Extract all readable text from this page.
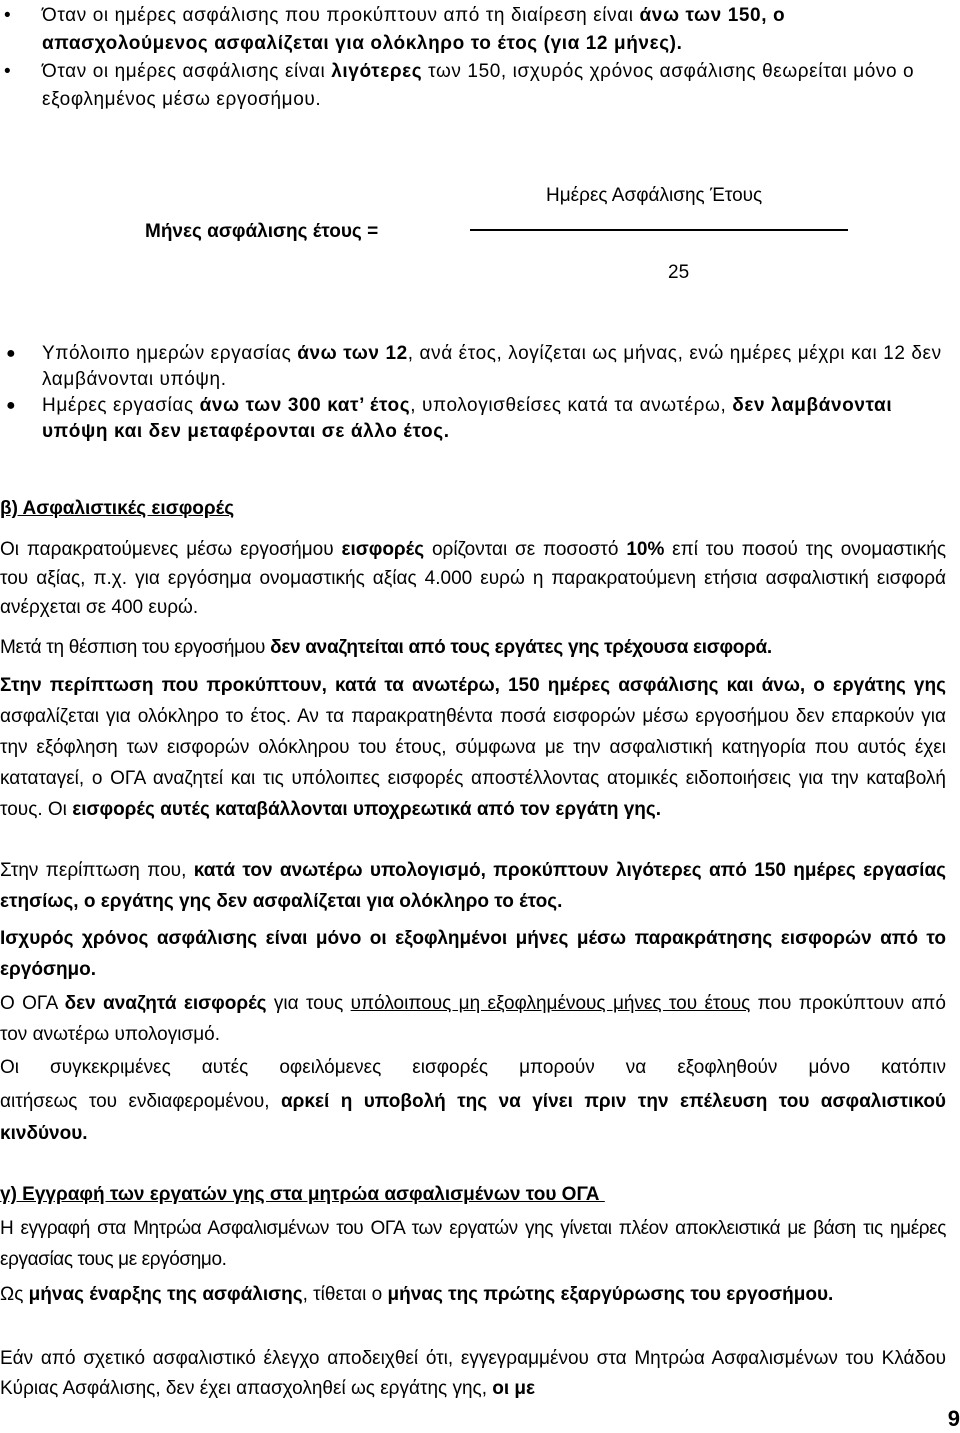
• Όταν οι ημέρες ασφάλισης που προκύπτουν από τη διαίρεση είναι άνω των 150, ο απασχολούμενος ασφαλίζεται για ολόκληρο το έτος (για 12 μήνες).
• Όταν οι ημέρες ασφάλισης είναι λιγότερες των 150, ισχυρός χρόνος ασφάλισης θεωρείται μόνο ο εξοφλημένος μέσω εργοσήμου.
Μήνες ασφάλισης έτους =
Ημέρες Ασφάλισης Έτους
25
● Υπόλοιπο ημερών εργασίας άνω των 12, ανά έτος, λογίζεται ως μήνας, ενώ ημέρες μέχρι και 12 δεν λαμβάνονται υπόψη.
● Ημέρες εργασίας άνω των 300 κατ’ έτος, υπολογισθείσες κατά τα ανωτέρω, δεν λαμβάνονται υπόψη και δεν μεταφέρονται σε άλλο έτος.
β) Ασφαλιστικές εισφορές

Οι παρακρατούμενες μέσω εργοσήμου εισφορές ορίζονται σε ποσοστό 10% επί του ποσού της ονομαστικής του αξίας, π.χ. για εργόσημα ονομαστικής αξίας 4.000 ευρώ η παρακρατούμενη ετήσια ασφαλιστική εισφορά ανέρχεται σε 400 ευρώ.

Μετά τη θέσπιση του εργοσήμου δεν αναζητείται από τους εργάτες γης τρέχουσα εισφορά.

Στην περίπτωση που προκύπτουν, κατά τα ανωτέρω, 150 ημέρες ασφάλισης και άνω, ο εργάτης γης ασφαλίζεται για ολόκληρο το έτος. Αν τα παρακρατηθέντα ποσά εισφορών μέσω εργοσήμου δεν επαρκούν για την εξόφληση των εισφορών ολόκληρου του έτους, σύμφωνα με την ασφαλιστική κατηγορία που αυτός έχει καταταγεί, ο ΟΓΑ αναζητεί και τις υπόλοιπες εισφορές αποστέλλοντας ατομικές ειδοποιήσεις για την καταβολή τους. Οι εισφορές αυτές καταβάλλονται υποχρεωτικά από τον εργάτη γης.

Στην περίπτωση που, κατά τον ανωτέρω υπολογισμό, προκύπτουν λιγότερες από 150 ημέρες εργασίας ετησίως, ο εργάτης γης δεν ασφαλίζεται για ολόκληρο το έτος.

Ισχυρός χρόνος ασφάλισης είναι μόνο οι εξοφλημένοι μήνες μέσω παρακράτησης εισφορών από το εργόσημο.

Ο ΟΓΑ δεν αναζητά εισφορές για τους υπόλοιπους μη εξοφλημένους μήνες του έτους που προκύπτουν από τον ανωτέρω υπολογισμό.

Οι συγκεκριμένες αυτές οφειλόμενες εισφορές μπορούν να εξοφληθούν μόνο κατόπιν

αιτήσεως του ενδιαφερομένου, αρκεί η υποβολή της να γίνει πριν την επέλευση του ασφαλιστικού κινδύνου.

γ) Εγγραφή των εργατών γης στα μητρώα ασφαλισμένων του ΟΓΑ

Η εγγραφή στα Μητρώα Ασφαλισμένων του ΟΓΑ των εργατών γης γίνεται πλέον αποκλειστικά με βάση τις ημέρες εργασίας τους με εργόσημο.

Ως μήνας έναρξης της ασφάλισης, τίθεται ο μήνας της πρώτης εξαργύρωσης του εργοσήμου.

Εάν από σχετικό ασφαλιστικό έλεγχο αποδειχθεί ότι, εγγεγραμμένου στα Μητρώα Ασφαλισμένων του Κλάδου Κύριας Ασφάλισης, δεν έχει απασχοληθεί ως εργάτης γης, οι με

9
